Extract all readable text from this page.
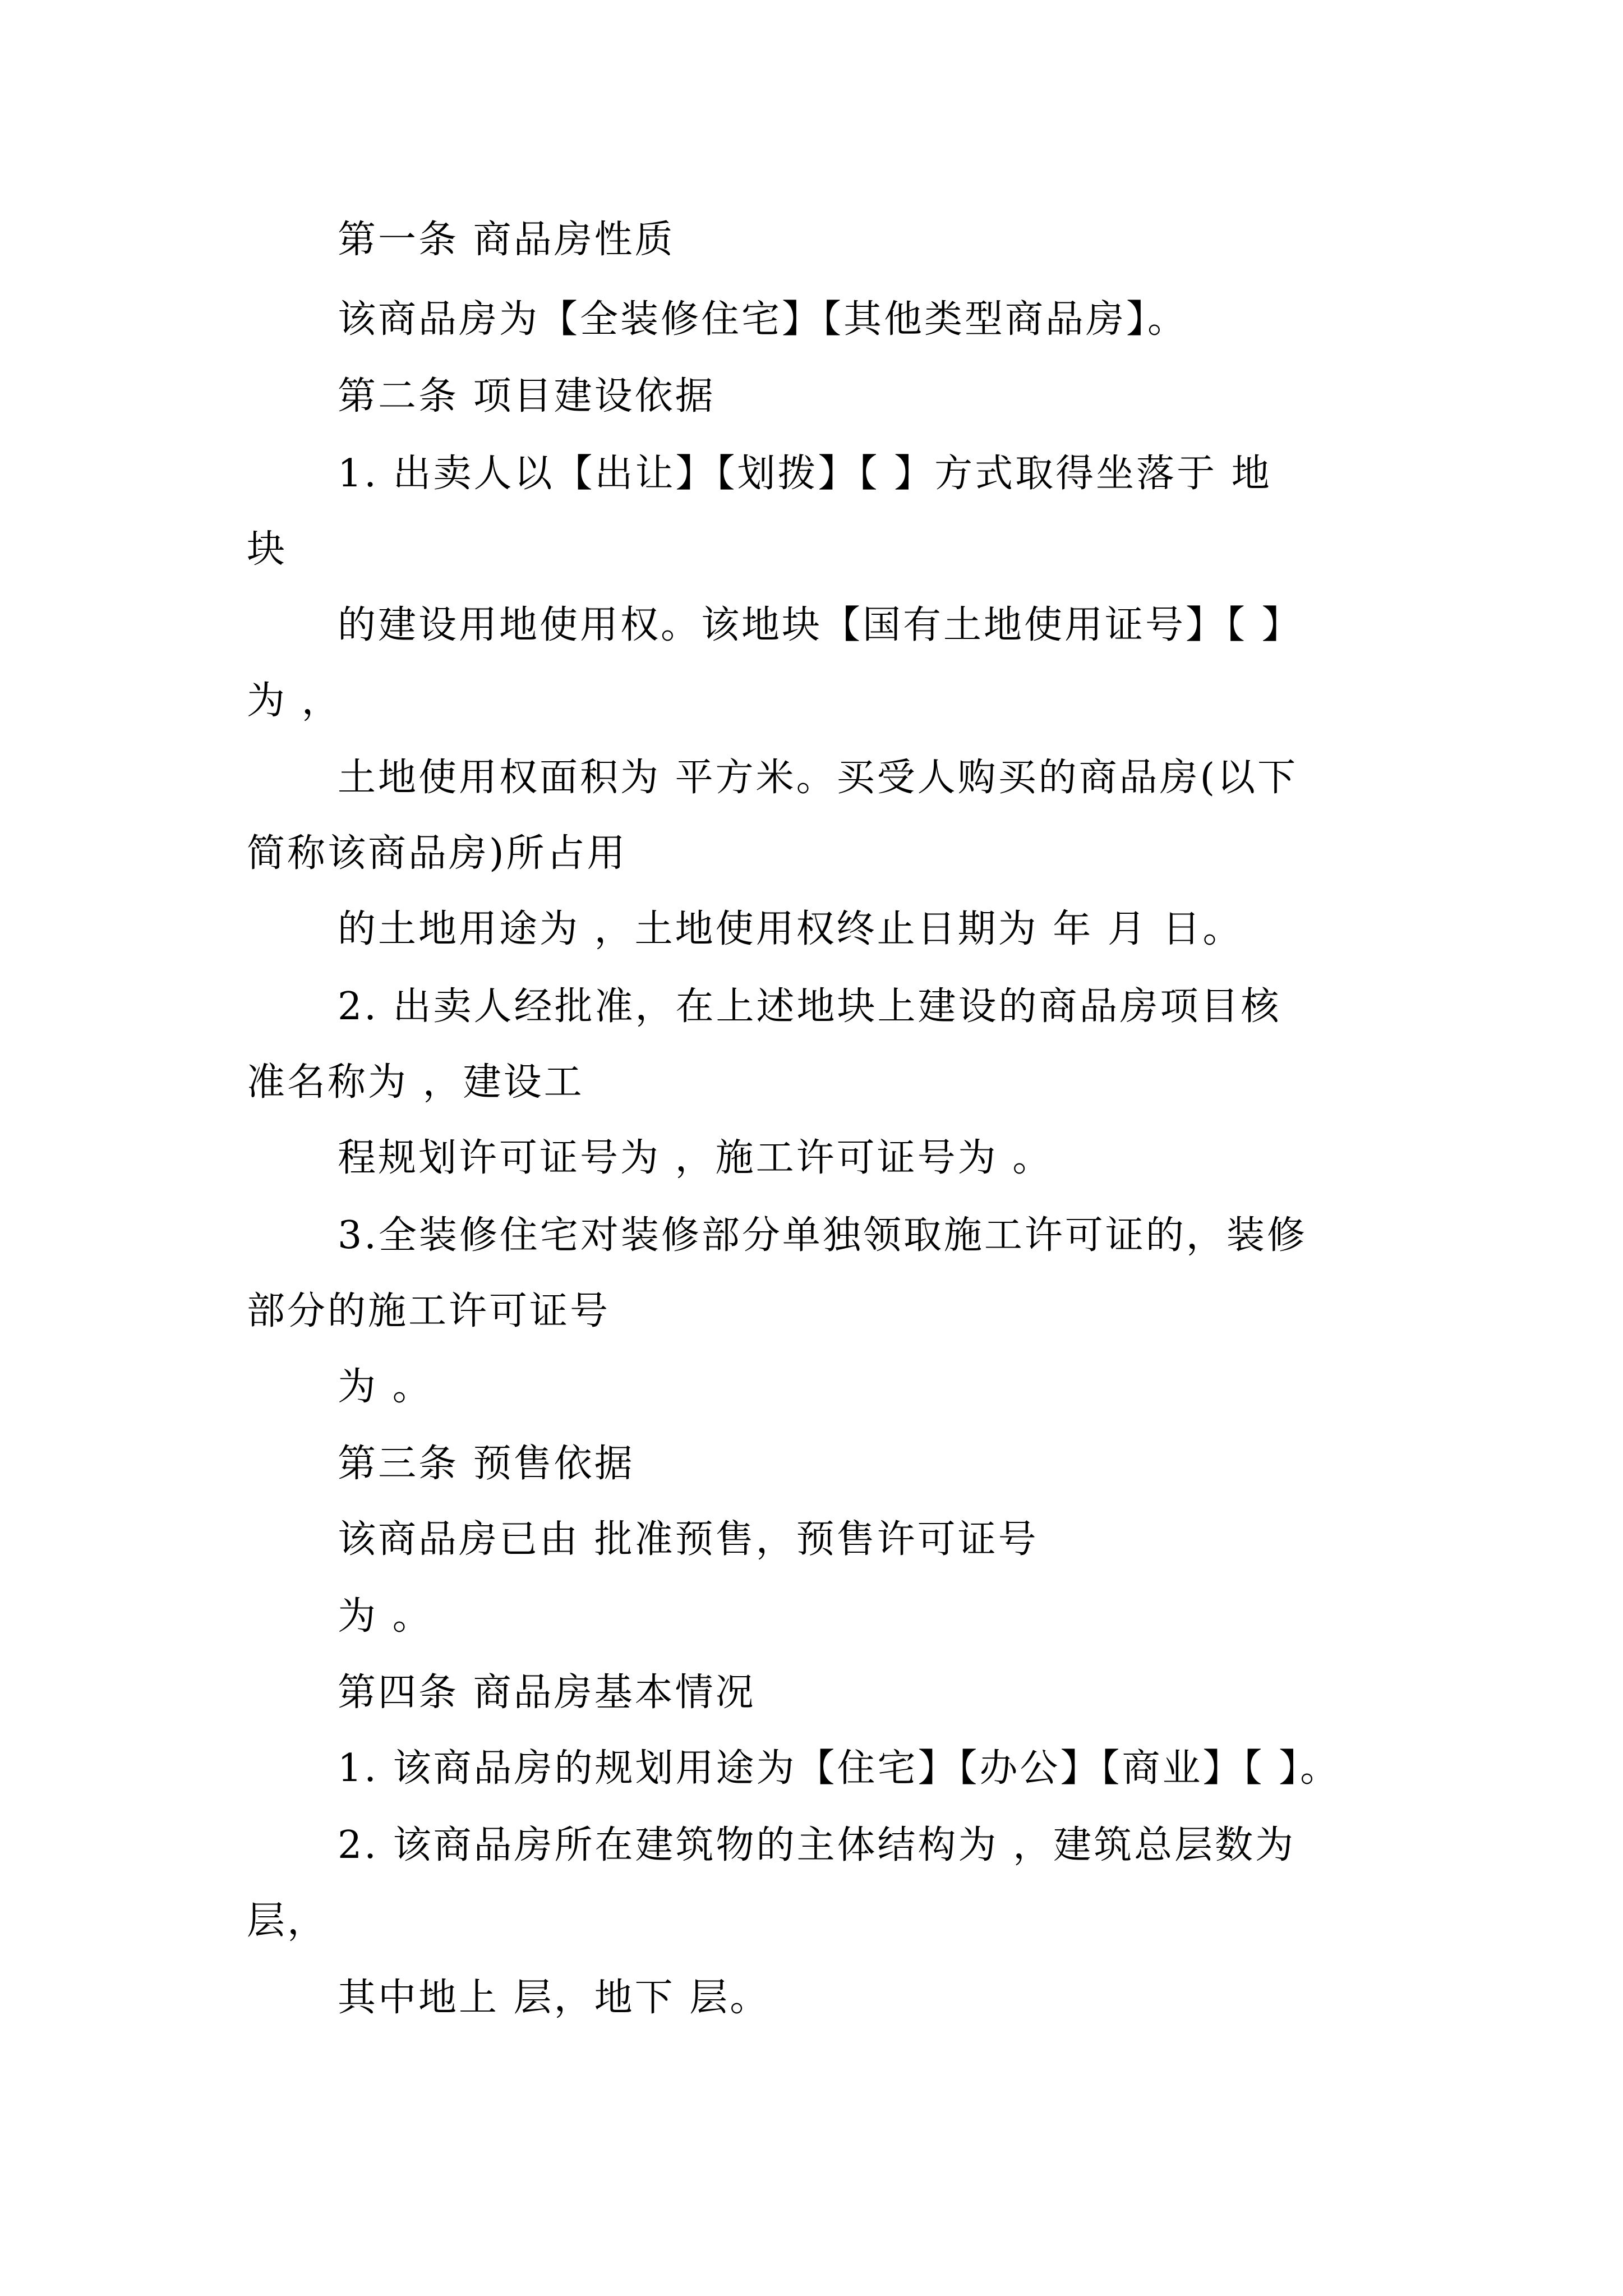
第一条 商品房性质
该商品房为【全装修住宅】【其他类型商品房】。
第二条 项目建设依据
1. 出卖人以【出让】【划拨】【 】方式取得坐落于 地
块
的建设用地使用权。该地块【国有土地使用证号】【 】
为 ，
土地使用权面积为 平方米。买受人购买的商品房(以下
简称该商品房)所占用
的土地用途为 ，土地使用权终止日期为 年 月 日。
2. 出卖人经批准，在上述地块上建设的商品房项目核
准名称为 ，建设工
程规划许可证号为 ，施工许可证号为 。
3.全装修住宅对装修部分单独领取施工许可证的，装修
部分的施工许可证号
为 。
第三条 预售依据
该商品房已由 批准预售，预售许可证号
为 。
第四条 商品房基本情况
1. 该商品房的规划用途为【住宅】【办公】【商业】【 】。
2. 该商品房所在建筑物的主体结构为 ，建筑总层数为
层，
其中地上 层，地下 层。
